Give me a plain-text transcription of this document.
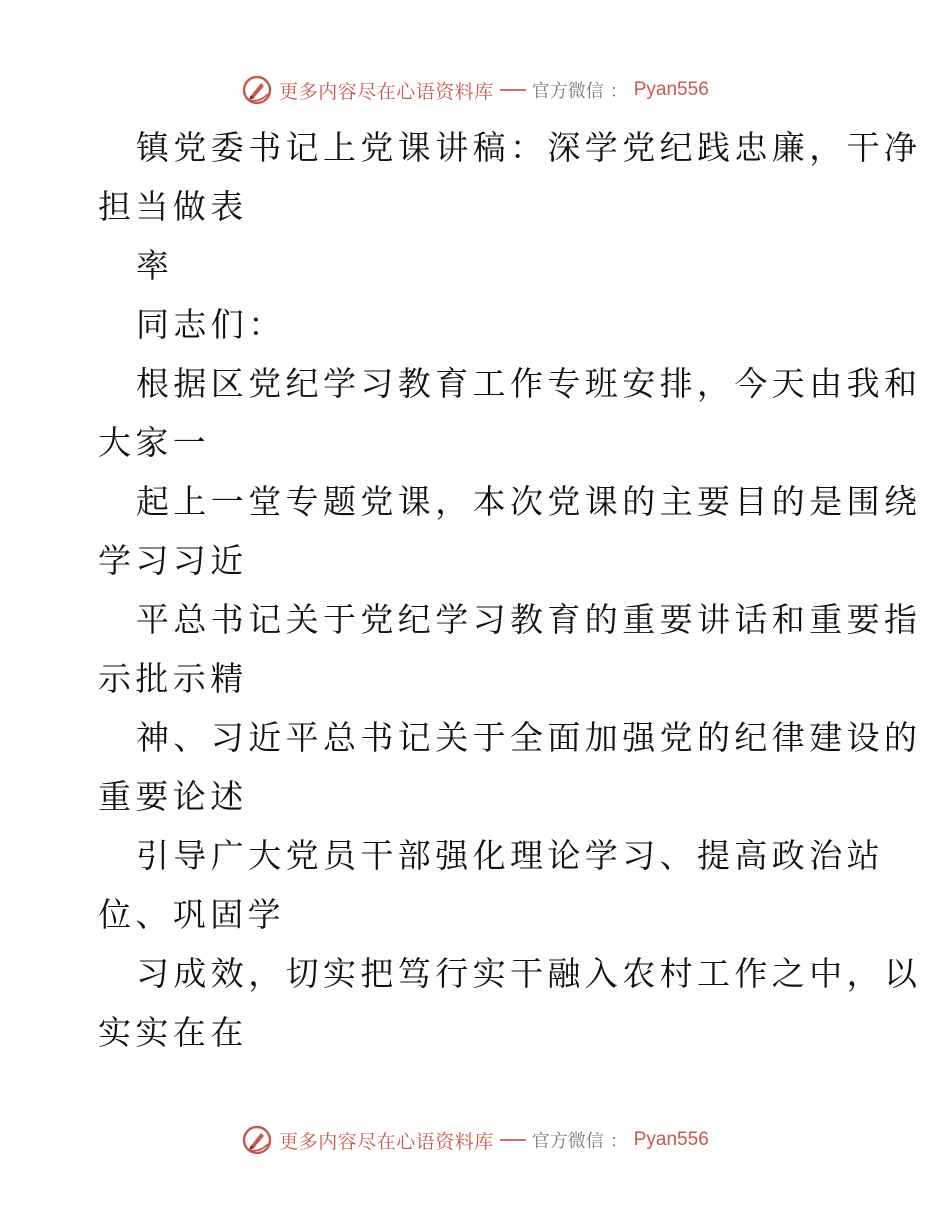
更多内容尽在心语资料库 官方微信 ： Pyan556
镇党委书记上党课讲稿：深学党纪践忠廉，干净
担当做表
率
同志们：
根据区党纪学习教育工作专班安排，今天由我和
大家一
起上一堂专题党课，本次党课的主要目的是围绕
学习习近
平总书记关于党纪学习教育的重要讲话和重要指
示批示精
神、习近平总书记关于全面加强党的纪律建设的
重要论述
引导广大党员干部强化理论学习、提高政治站
位、巩固学
习成效，切实把笃行实干融入农村工作之中，以
实实在在
更多内容尽在心语资料库 官方微信 ： Pyan556
